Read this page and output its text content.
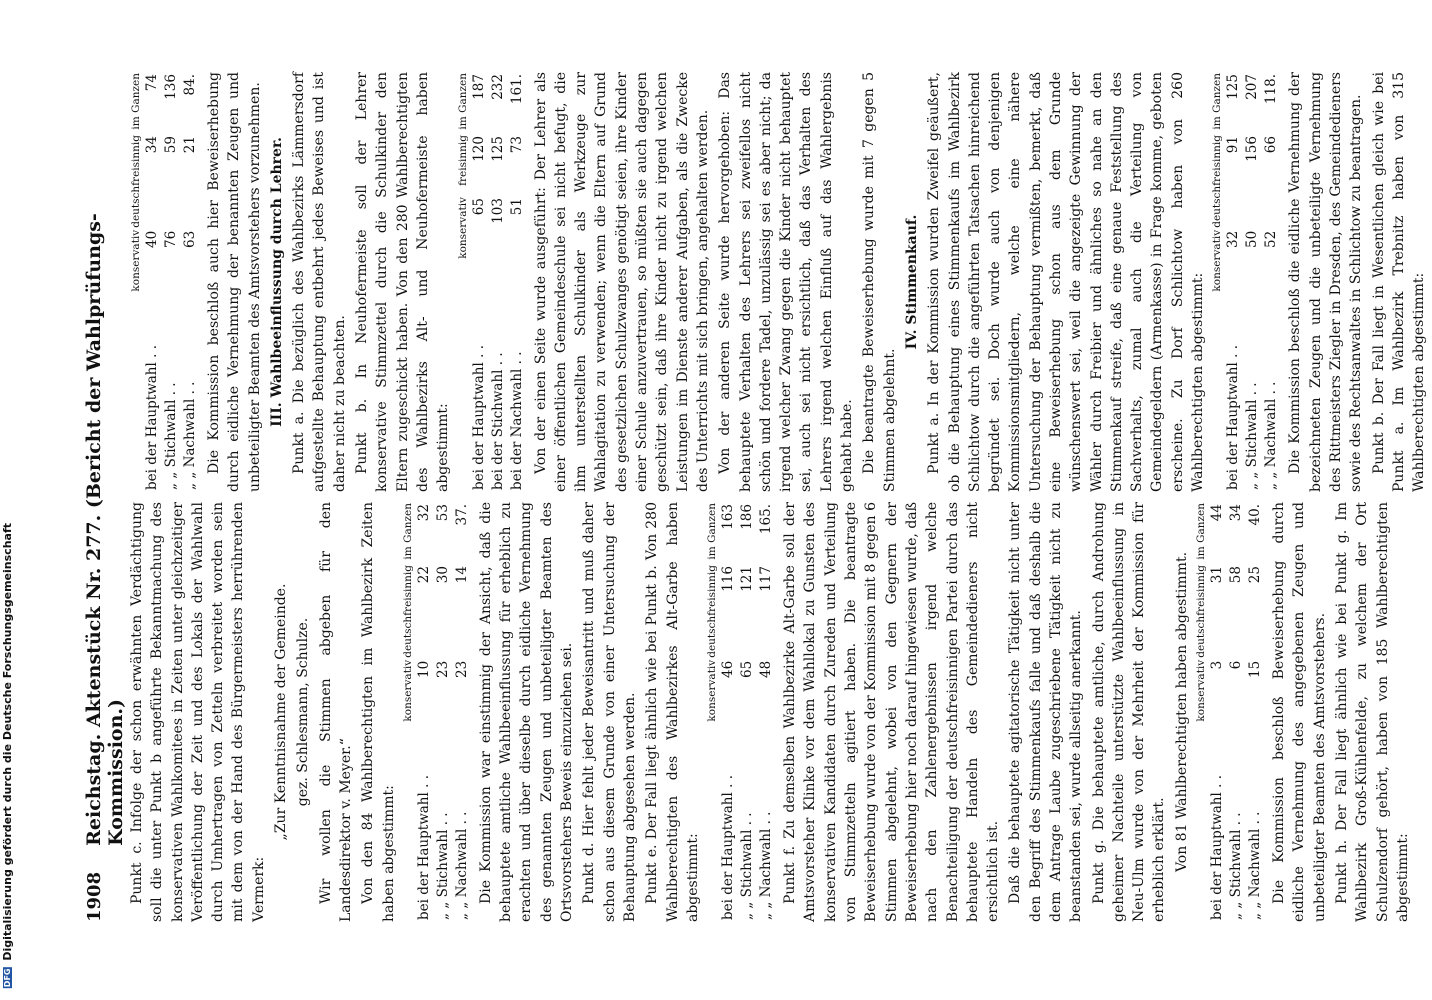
DFG Digitalisierung gefördert durch die Deutsche Forschungsgemeinschaft	1908
Reichstag. Aktenstück Nr. 277. (Bericht der Wahlprüfungs-Kommission.) Punkt c. Infolge der schon erwähnten Verdächtigung soll die unter Punkt b angeführte Bekanntmachung des konservativen Wahlkomitees in Zeiten unter gleichzeitiger Veröffentlichung der Zeit und des Lokals der Wahlwahl durch Umhertragen von Zetteln verbreitet worden sein mit dem von der Hand des Bürgermeisters herrührenden Vermerk:

„Zur Kenntnisnahme der Gemeinde. gez. Schlesmann, Schulze. Wir wollen die Stimmen abgeben für den Landesdirektor v. Meyer.“ Von den 84 Wahlberechtigten im Wahlbezirk Zeiten haben abgestimmt:

	konservativ	deutschfreisinnig	im Ganzen
bei der Hauptwahl . .	10	22	32
„ „ Stichwahl . .	23	30	53
„ „ Nachwahl . .	23	14	37. Die Kommission war einstimmig der Ansicht, daß die behauptete amtliche Wahlbeeinflussung für erheblich zu erachten und über dieselbe durch eidliche Vernehmung des genannten Zeugen und unbeteiligter Beamten des Ortsvorstehers Beweis einzuziehen sei. Punkt d. Hier fehlt jeder Beweisantritt und muß daher schon aus diesem Grunde von einer Untersuchung der Behauptung abgesehen werden. Punkt e. Der Fall liegt ähnlich wie bei Punkt b. Von 280 Wahlberechtigten des Wahlbezirkes Alt-Garbe haben abgestimmt:

	konservativ	deutschfreisinnig	im Ganzen
bei der Hauptwahl . .	46	116	163
„ „ Stichwahl . .	65	121	186
„ „ Nachwahl . .	48	117	165. Punkt f. Zu demselben Wahlbezirke Alt-Garbe soll der Amtsvorsteher Klinke vor dem Wahllokal zu Gunsten des konservativen Kandidaten durch Zureden und Verteilung von Stimmzetteln agitiert haben. Die beantragte Beweiserhebung wurde von der Kommission mit 8 gegen 6 Stimmen abgelehnt, wobei von den Gegnern der Beweiserhebung hier noch darauf hingewiesen wurde, daß nach den Zahlenergebnissen irgend welche Benachteiligung der deutschfreisinnigen Partei durch das behauptete Handeln des Gemeindedieners nicht ersichtlich ist. Daß die behauptete agitatorische Tätigkeit nicht unter den Begriff des Stimmenkaufs falle und daß deshalb die dem Antrage Laube zugeschriebene Tätigkeit nicht zu beanstanden sei, wurde allseitig anerkannt. Punkt g. Die behauptete amtliche, durch Androhung geheimer Nachteile unterstützte Wahlbeeinflussung in Neu-Ulm wurde von der Mehrheit der Kommission für erheblich erklärt. Von 81 Wahlberechtigten haben abgestimmt.

	konservativ	deutschfreisinnig	im Ganzen
bei der Hauptwahl . .	3	31	44
„ „ Stichwahl . .	6	58	34
„ „ Nachwahl . .	15	25	40. Die Kommission beschloß Beweiserhebung durch eidliche Vernehmung des angegebenen Zeugen und unbeteiligter Beamten des Amtsvorstehers. Punkt h. Der Fall liegt ähnlich wie bei Punkt g. Im Wahlbezirk Groß-Kühlenfelde, zu welchem der Ort Schulzendorf gehört, haben von 185 Wahlberechtigten abgestimmt:

	konservativ	deutschfreisinnig	im Ganzen
bei der Hauptwahl . .	40	34	74
„ „ Stichwahl . .	76	59	136
„ „ Nachwahl . .	63	21	84. Die Kommission beschloß auch hier Beweiserhebung durch eidliche Vernehmung der benannten Zeugen und unbeteiligter Beamten des Amtsvorstehers vorzunehmen. III. Wahlbeeinflussung durch Lehrer. Punkt a. Die bezüglich des Wahlbezirks Lämmersdorf aufgestellte Behauptung entbehrt jedes Beweises und ist daher nicht zu beachten. Punkt b. In Neuhofermeiste soll der Lehrer konservative Stimmzettel durch die Schulkinder den Eltern zugeschickt haben. Von den 280 Wahlberechtigten des Wahlbezirks Alt- und Neuhofermeiste haben abgestimmt:

	konservativ	freisinnig	im Ganzen
bei der Hauptwahl . .	65	120	187
bei der Stichwahl . .	103	125	232
bei der Nachwahl . .	51	73	161. Von der einen Seite wurde ausgeführt: Der Lehrer als einer öffentlichen Gemeindeschule sei nicht befugt, die ihm unterstellten Schulkinder als Werkzeuge zur Wahlagitation zu verwenden; wenn die Eltern auf Grund des gesetzlichen Schulzwanges genötigt seien, ihre Kinder einer Schule anzuvertrauen, so müßten sie auch dagegen geschützt sein, daß ihre Kinder nicht zu irgend welchen Leistungen im Dienste anderer Aufgaben, als die Zwecke des Unterrichts mit sich bringen, angehalten werden. Von der anderen Seite wurde hervorgehoben: Das behauptete Verhalten des Lehrers sei zweifellos nicht schön und fordere Tadel, unzulässig sei es aber nicht; da irgend welcher Zwang gegen die Kinder nicht behauptet sei, auch sei nicht ersichtlich, daß das Verhalten des Lehrers irgend welchen Einfluß auf das Wahlergebnis gehabt habe. Die beantragte Beweiserhebung wurde mit 7 gegen 5 Stimmen abgelehnt.

IV. Stimmenkauf. Punkt a. In der Kommission wurden Zweifel geäußert, ob die Behauptung eines Stimmenkaufs im Wahlbezirk Schlichtow durch die angeführten Tatsachen hinreichend begründet sei. Doch wurde auch von denjenigen Kommissionsmitgliedern, welche eine nähere Untersuchung der Behauptung vermißten, bemerkt, daß eine Beweiserhebung schon aus dem Grunde wünschenswert sei, weil die angezeigte Gewinnung der Wähler durch Freibier und ähnliches so nahe an den Stimmenkauf streife, daß eine genaue Feststellung des Sachverhalts, zumal auch die Verteilung von Gemeindegeldern (Armenkasse) in Frage komme, geboten erscheine. Zu Dorf Schlichtow haben von 260 Wahlberechtigten abgestimmt:

	konservativ	deutschfreisinnig	im Ganzen
bei der Hauptwahl . .	32	91	125
„ „ Stichwahl . .	50	156	207
„ „ Nachwahl . .	52	66	118. Die Kommission beschloß die eidliche Vernehmung der bezeichneten Zeugen und die unbeteiligte Vernehmung des Rittmeisters Ziegler in Dresden, des Gemeindedieners sowie des Rechtsanwaltes in Schlichtow zu beantragen. Punkt b. Der Fall liegt in Wesentlichen gleich wie bei Punkt a. Im Wahlbezirk Trebnitz haben von 315 Wahlberechtigten abgestimmt:
